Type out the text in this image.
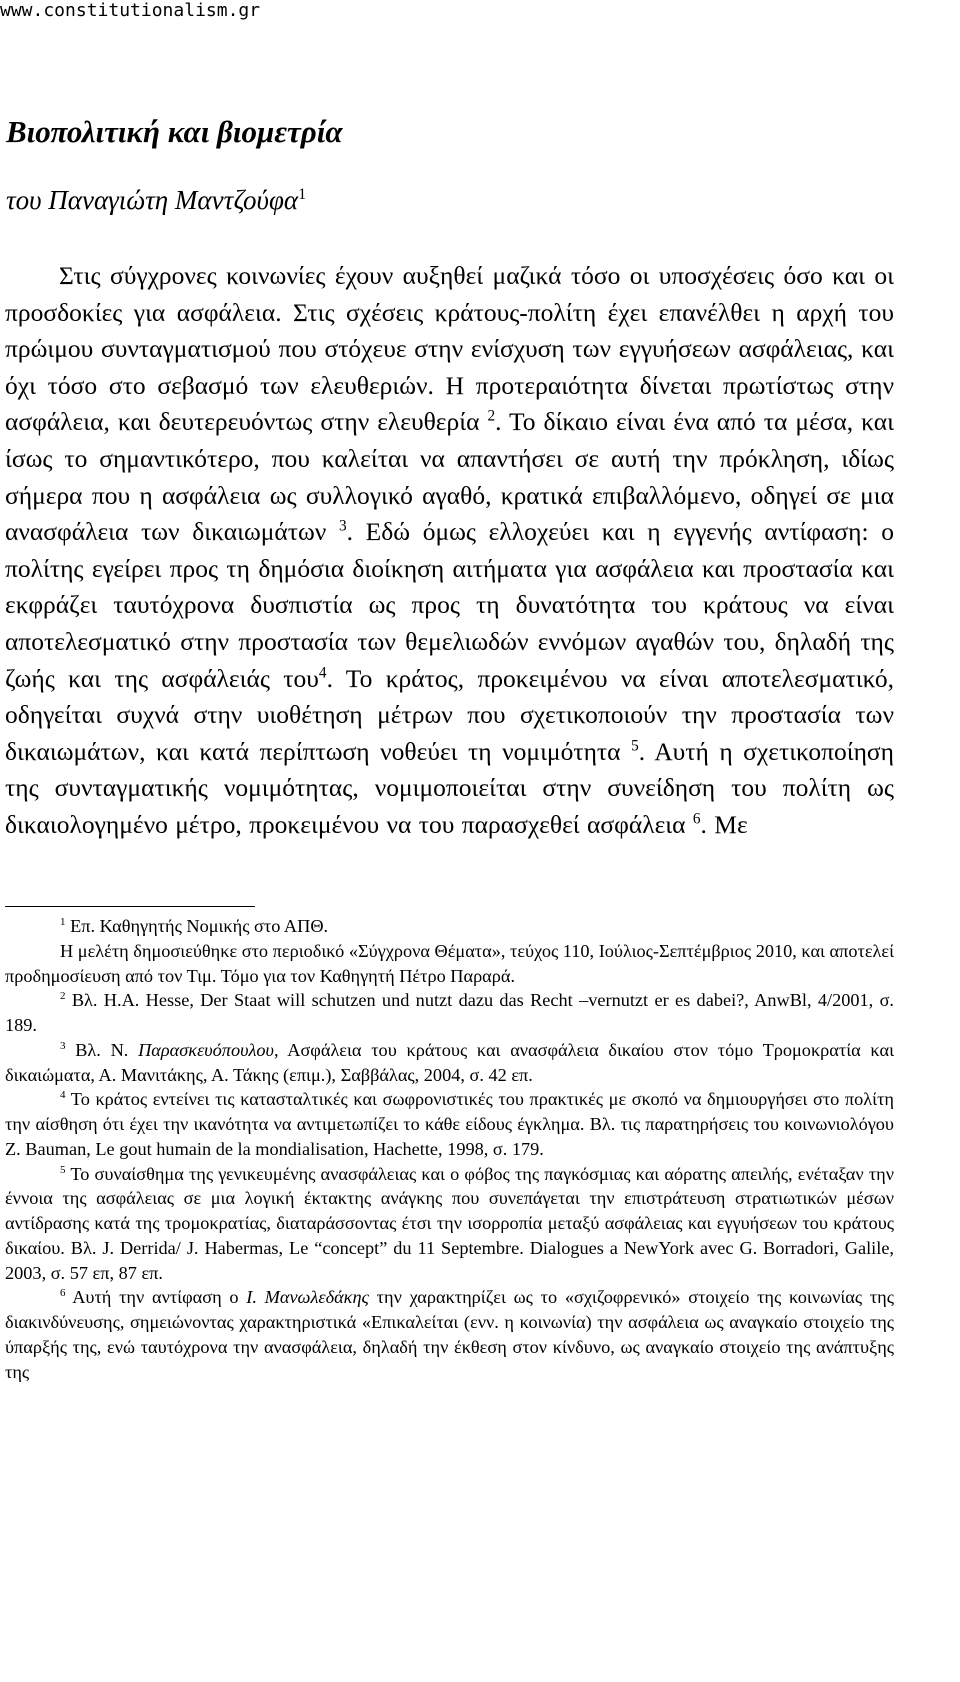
www.constitutionalism.gr

Βιοπολιτική και βιομετρία

του Παναγιώτη Μαντζούφα$^1$

Στις σύγχρονες κοινωνίες έχουν αυξηθεί μαζικά τόσο οι υποσχέσεις όσο και οι προσδοκίες για ασφάλεια. Στις σχέσεις κράτους-πολίτη έχει επανέλθει η αρχή του πρώιμου συνταγματισμού που στόχευε στην ενίσχυση των εγγυήσεων ασφάλειας, και όχι τόσο στο σεβασμό των ελευθεριών. Η προτεραιότητα δίνεται πρωτίστως στην ασφάλεια, και δευτερευόντως στην ελευθερία $^2$. Το δίκαιο είναι ένα από τα μέσα, και ίσως το σημαντικότερο, που καλείται να απαντήσει σε αυτή την πρόκληση, ιδίως σήμερα που η ασφάλεια ως συλλογικό αγαθό, κρατικά επιβαλλόμενο, οδηγεί σε μια ανασφάλεια των δικαιωμάτων $^3$. Εδώ όμως ελλοχεύει και η εγγενής αντίφαση: ο πολίτης εγείρει προς τη δημόσια διοίκηση αιτήματα για ασφάλεια και προστασία και εκφράζει ταυτόχρονα δυσπιστία ως προς τη δυνατότητα του κράτους να είναι αποτελεσματικό στην προστασία των θεμελιωδών εννόμων αγαθών του, δηλαδή της ζωής και της ασφάλειάς του$^4$. Το κράτος, προκειμένου να είναι αποτελεσματικό, οδηγείται συχνά στην υιοθέτηση μέτρων που σχετικοποιούν την προστασία των δικαιωμάτων, και κατά περίπτωση νοθεύει τη νομιμότητα $^5$. Αυτή η σχετικοποίηση της συνταγματικής νομιμότητας, νομιμοποιείται στην συνείδηση του πολίτη ως δικαιολογημένο μέτρο, προκειμένου να του παρασχεθεί ασφάλεια $^6$. Με

$^1$ Επ. Καθηγητής Νομικής στο ΑΠΘ.

Η μελέτη δημοσιεύθηκε στο περιοδικό «Σύγχρονα Θέματα», τεύχος 110, Ιούλιος-Σεπτέμβριος 2010, και αποτελεί προδημοσίευση από τον Τιμ. Τόμο για τον Καθηγητή Πέτρο Παραρά.

$^2$ Βλ. H.A. Hesse, Der Staat will schutzen und nutzt dazu das Recht –vernutzt er es dabei?, AnwBl, 4/2001, σ. 189.

$^3$ Βλ. Ν. Παρασκευόπουλου, Ασφάλεια του κράτους και ανασφάλεια δικαίου στον τόμο Τρομοκρατία και δικαιώματα, Α. Μανιτάκης, Α. Τάκης (επιμ.), Σαββάλας, 2004, σ. 42 επ.

$^4$ Το κράτος εντείνει τις κατασταλτικές και σωφρονιστικές του πρακτικές με σκοπό να δημιουργήσει στο πολίτη την αίσθηση ότι έχει την ικανότητα να αντιμετωπίζει το κάθε είδους έγκλημα. Βλ. τις παρατηρήσεις του κοινωνιολόγου Z. Bauman, Le gout humain de la mondialisation, Hachette, 1998, σ. 179.

$^5$ Το συναίσθημα της γενικευμένης ανασφάλειας και ο φόβος της παγκόσμιας και αόρατης απειλής, ενέταξαν την έννοια της ασφάλειας σε μια λογική έκτακτης ανάγκης που συνεπάγεται την επιστράτευση στρατιωτικών μέσων αντίδρασης κατά της τρομοκρατίας, διαταράσσοντας έτσι την ισορροπία μεταξύ ασφάλειας και εγγυήσεων του κράτους δικαίου. Βλ. J. Derrida/ J. Habermas, Le “concept” du 11 Septembre. Dialogues a NewYork avec G. Borradori, Galile, 2003, σ. 57 επ, 87 επ.

$^6$ Αυτή την αντίφαση ο Ι. Μανωλεδάκης την χαρακτηρίζει ως το «σχιζοφρενικό» στοιχείο της κοινωνίας της διακινδύνευσης, σημειώνοντας χαρακτηριστικά «Επικαλείται (ενν. η κοινωνία) την ασφάλεια ως αναγκαίο στοιχείο της ύπαρξής της, ενώ ταυτόχρονα την ανασφάλεια, δηλαδή την έκθεση στον κίνδυνο, ως αναγκαίο στοιχείο της ανάπτυξης της
